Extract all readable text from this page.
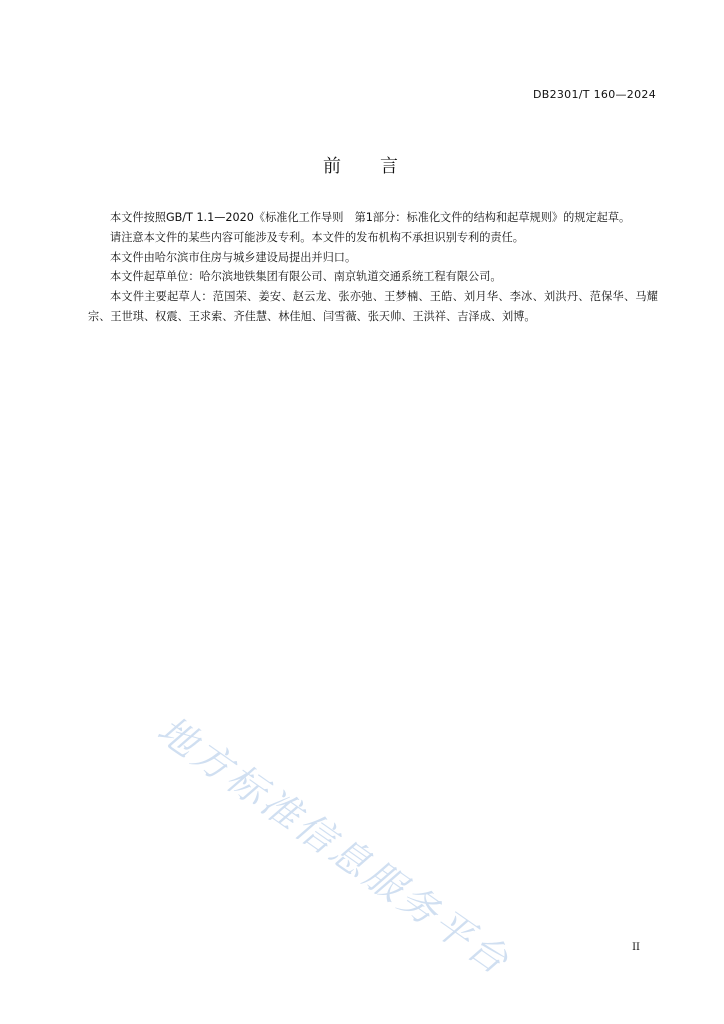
DB2301/T 160—2024
前 言

本文件按照GB/T 1.1—2020《标准化工作导则　第1部分：标准化文件的结构和起草规则》的规定起草。

请注意本文件的某些内容可能涉及专利。本文件的发布机构不承担识别专利的责任。

本文件由哈尔滨市住房与城乡建设局提出并归口。

本文件起草单位：哈尔滨地铁集团有限公司、南京轨道交通系统工程有限公司。

本文件主要起草人：范国荣、姜安、赵云龙、张亦弛、王梦楠、王皓、刘月华、李冰、刘洪丹、范保华、马耀宗、王世琪、权震、王求索、齐佳慧、林佳旭、闫雪薇、张天帅、王洪祥、吉泽成、刘博。

地方标准信息服务平台	II
